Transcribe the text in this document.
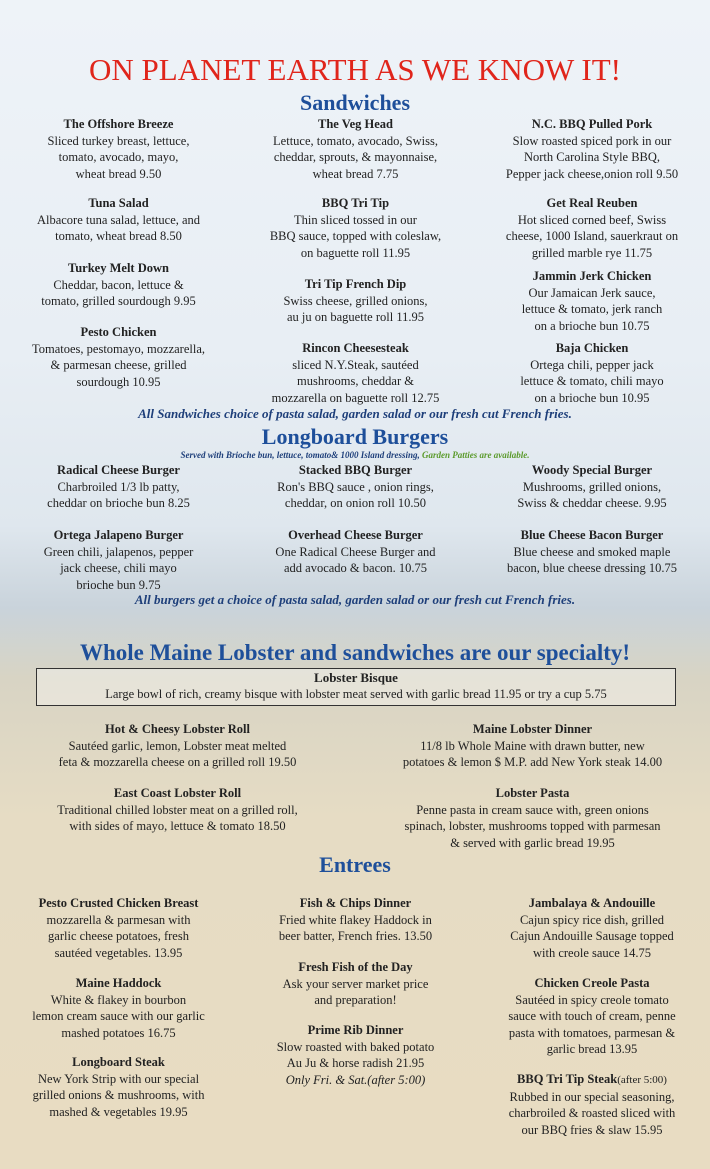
ON PLANET EARTH AS WE KNOW IT!
Sandwiches
The Offshore Breeze
Sliced turkey breast, lettuce,
tomato, avocado, mayo,
wheat bread 9.50
The Veg Head
Lettuce, tomato, avocado, Swiss,
cheddar, sprouts, & mayonnaise,
wheat bread 7.75
N.C. BBQ Pulled Pork
Slow roasted spiced pork in our
North Carolina Style BBQ,
Pepper jack cheese,onion roll 9.50
Tuna Salad
Albacore tuna salad, lettuce, and
tomato, wheat bread 8.50
BBQ Tri Tip
Thin sliced tossed in our
BBQ sauce, topped with coleslaw,
on baguette roll 11.95
Get Real Reuben
Hot sliced corned beef, Swiss
cheese, 1000 Island, sauerkraut on
grilled marble rye 11.75
Turkey Melt Down
Cheddar, bacon, lettuce &
tomato, grilled sourdough 9.95
Tri Tip French Dip
Swiss cheese, grilled onions,
au ju on baguette roll 11.95
Jammin Jerk Chicken
Our Jamaican Jerk sauce,
lettuce & tomato, jerk ranch
on a brioche bun 10.75
Pesto Chicken
Tomatoes, pestomayo, mozzarella,
& parmesan cheese, grilled
sourdough 10.95
Rincon Cheesesteak
sliced N.Y.Steak, sautéed
mushrooms, cheddar &
mozzarella on baguette roll 12.75
Baja Chicken
Ortega chili, pepper jack
lettuce & tomato, chili mayo
on a brioche bun 10.95
All Sandwiches choice of pasta salad, garden salad or our fresh cut French fries.
Longboard Burgers
Served with Brioche bun, lettuce, tomato& 1000 Island dressing, Garden Patties are available.
Radical Cheese Burger
Charbroiled 1/3 lb patty,
cheddar on brioche bun 8.25
Stacked BBQ Burger
Ron's BBQ sauce , onion rings,
cheddar, on onion roll 10.50
Woody Special Burger
Mushrooms, grilled onions,
Swiss & cheddar cheese. 9.95
Ortega Jalapeno Burger
Green chili, jalapenos, pepper
jack cheese, chili mayo
brioche bun 9.75
Overhead Cheese Burger
One Radical Cheese Burger and
add avocado & bacon. 10.75
Blue Cheese Bacon Burger
Blue cheese and smoked maple
bacon, blue cheese dressing 10.75
All burgers get a choice of pasta salad, garden salad or our fresh cut French fries.
Whole Maine Lobster and sandwiches are our specialty!
Lobster Bisque
Large bowl of rich, creamy bisque with lobster meat served with garlic bread 11.95 or try a cup 5.75
Hot & Cheesy Lobster Roll
Sautéed garlic, lemon, Lobster meat melted
feta & mozzarella cheese on a grilled roll 19.50
Maine Lobster Dinner
11/8 lb Whole Maine with drawn butter, new
potatoes & lemon $ M.P. add New York steak 14.00
East Coast Lobster Roll
Traditional chilled lobster meat on a grilled roll,
with sides of mayo, lettuce & tomato 18.50
Lobster Pasta
Penne pasta in cream sauce with, green onions
spinach, lobster, mushrooms topped with parmesan
& served with garlic bread 19.95
Entrees
Pesto Crusted Chicken Breast
mozzarella & parmesan with
garlic cheese potatoes, fresh
sautéed vegetables. 13.95
Fish & Chips Dinner
Fried white flakey Haddock in
beer batter, French fries. 13.50
Jambalaya & Andouille
Cajun spicy rice dish, grilled
Cajun Andouille Sausage topped
with creole sauce 14.75
Fresh Fish of the Day
Ask your server market price
and preparation!
Maine Haddock
White & flakey in bourbon
lemon cream sauce with our garlic
mashed potatoes 16.75
Chicken Creole Pasta
Sautéed in spicy creole tomato
sauce with touch of cream, penne
pasta with tomatoes, parmesan &
garlic bread 13.95
Prime Rib Dinner
Slow roasted with baked potato
Au Ju & horse radish 21.95
Only Fri. & Sat.(after 5:00)
Longboard Steak
New York Strip with our special
grilled onions & mushrooms, with
mashed & vegetables 19.95
BBQ Tri Tip Steak(after 5:00)
Rubbed in our special seasoning,
charbroiled & roasted sliced with
our BBQ fries & slaw 15.95
